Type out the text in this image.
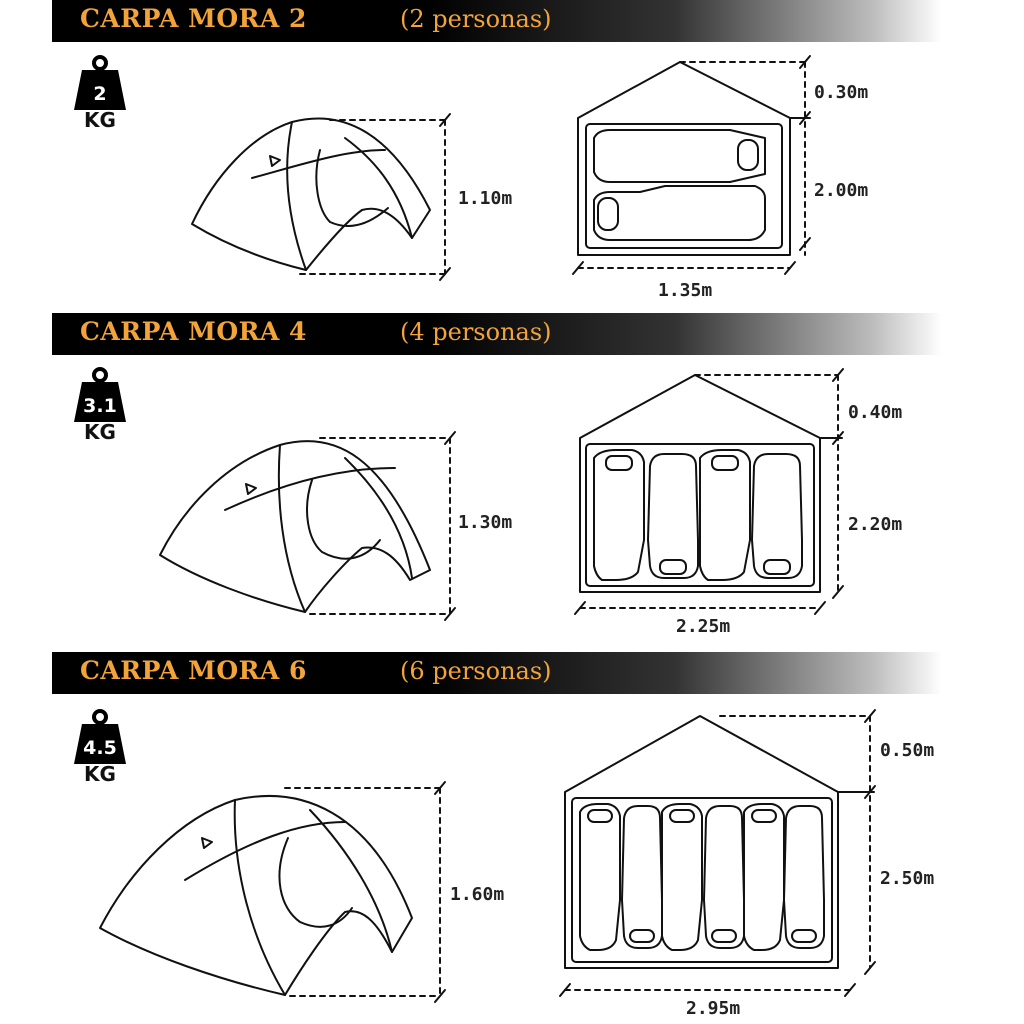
CARPA MORA 2	(2 personas)
2
KG
1.10m
0.30m
2.00m
1.35m
CARPA MORA 4	(4 personas)
3.1
KG
1.30m
0.40m
2.20m
2.25m
CARPA MORA 6	(6 personas)
4.5
KG
1.60m
0.50m
2.50m
2.95m
